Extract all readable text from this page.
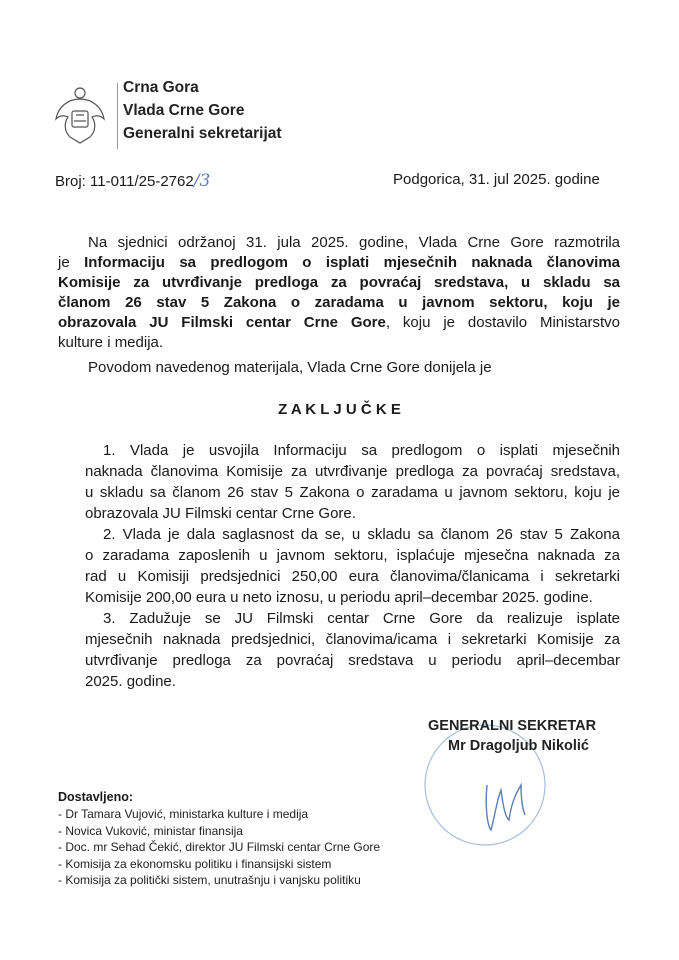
Crna Gora
Vlada Crne Gore
Generalni sekretarijat
Broj: 11-011/25-2762/3	Podgorica, 31. jul 2025. godine
Na sjednici održanoj 31. jula 2025. godine, Vlada Crne Gore razmotrila
je Informaciju sa predlogom o isplati mjesečnih naknada članovima
Komisije za utvrđivanje predloga za povraćaj sredstava, u skladu sa
članom 26 stav 5 Zakona o zaradama u javnom sektoru, koju je
obrazovala JU Filmski centar Crne Gore, koju je dostavilo Ministarstvo
kulture i medija.
Povodom navedenog materijala, Vlada Crne Gore donijela je
Z A K L J U Č K E
1. Vlada je usvojila Informaciju sa predlogom o isplati mjesečnih
naknada članovima Komisije za utvrđivanje predloga za povraćaj sredstava,
u skladu sa članom 26 stav 5 Zakona o zaradama u javnom sektoru, koju je
obrazovala JU Filmski centar Crne Gore.
2. Vlada je dala saglasnost da se, u skladu sa članom 26 stav 5 Zakona
o zaradama zaposlenih u javnom sektoru, isplaćuje mjesečna naknada za
rad u Komisiji predsjednici 250,00 eura članovima/članicama i sekretarki
Komisije 200,00 eura u neto iznosu, u periodu april–decembar 2025. godine.
3. Zadužuje se JU Filmski centar Crne Gore da realizuje isplate
mjesečnih naknada predsjednici, članovima/icama i sekretarki Komisije za
utvrđivanje predloga za povraćaj sredstava u periodu april–decembar
2025. godine.
GENERALNI SEKRETAR
Mr Dragoljub Nikolić
Dostavljeno:
- Dr Tamara Vujović, ministarka kulture i medija
- Novica Vuković, ministar finansija
- Doc. mr Sehad Čekić, direktor JU Filmski centar Crne Gore
- Komisija za ekonomsku politiku i finansijski sistem
- Komisija za politički sistem, unutrašnju i vanjsku politiku
